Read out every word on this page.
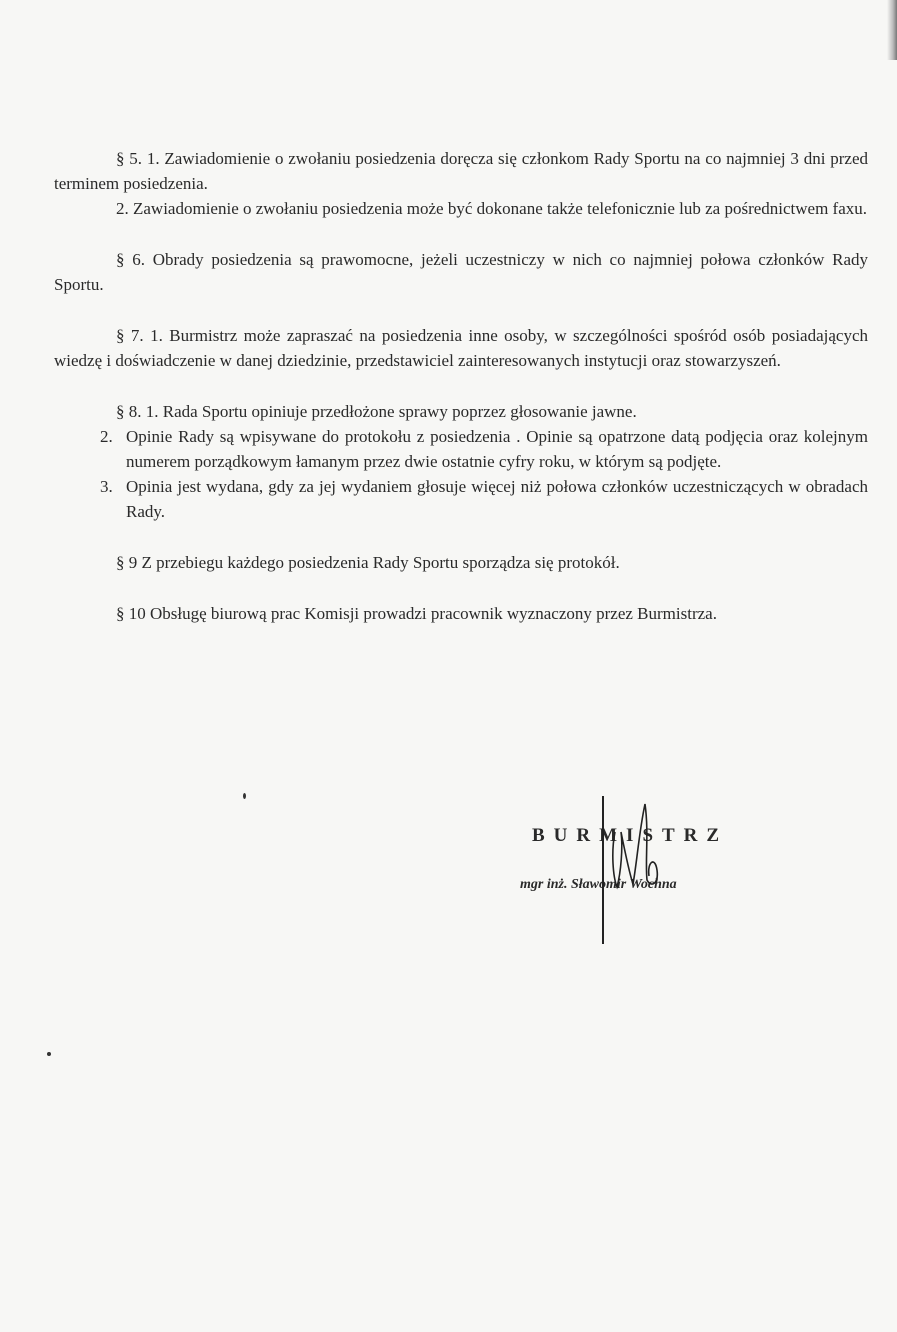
§ 5. 1. Zawiadomienie o zwołaniu posiedzenia doręcza się członkom Rady Sportu na co najmniej 3 dni przed terminem posiedzenia.

2. Zawiadomienie o zwołaniu posiedzenia może być dokonane także telefonicznie lub za pośrednictwem faxu.

§ 6. Obrady posiedzenia są prawomocne, jeżeli uczestniczy w nich co najmniej połowa członków Rady Sportu.

§ 7. 1. Burmistrz może zapraszać na posiedzenia inne osoby, w szczególności spośród osób posiadających wiedzę i doświadczenie w danej dziedzinie, przedstawiciel zainteresowanych instytucji oraz stowarzyszeń.

§ 8. 1. Rada Sportu opiniuje przedłożone sprawy poprzez głosowanie jawne.

2. Opinie Rady są wpisywane do protokołu z posiedzenia . Opinie są opatrzone datą podjęcia oraz kolejnym numerem porządkowym łamanym przez dwie ostatnie cyfry roku, w którym są podjęte.
3. Opinia jest wydana, gdy za jej wydaniem głosuje więcej niż połowa członków uczestniczących w obradach Rady.

§ 9 Z przebiegu każdego posiedzenia Rady Sportu sporządza się protokół.

§ 10 Obsługę biurową prac Komisji prowadzi pracownik wyznaczony przez Burmistrza.

BURMISTRZ
mgr inż. Sławomir Wochna
